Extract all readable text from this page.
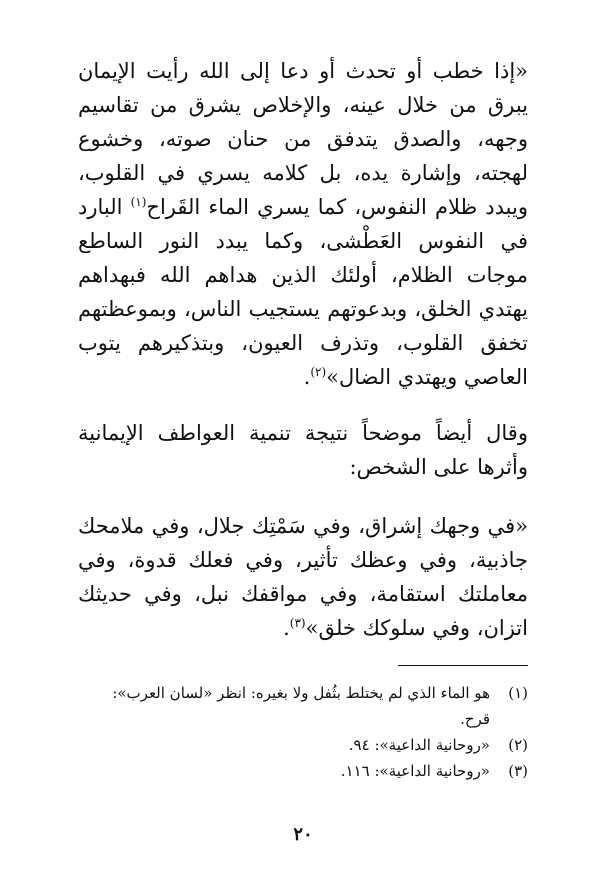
«إذا خطب أو تحدث أو دعا إلى الله رأيت الإيمان يبرق من خلال عينه، والإخلاص يشرق من تقاسيم وجهه، والصدق يتدفق من حنان صوته، وخشوع لهجته، وإشارة يده، بل كلامه يسري في القلوب، ويبدد ظلام النفوس، كما يسري الماء القَراح$^{(١)}$ البارد في النفوس العَطْشى، وكما يبدد النور الساطع موجات الظلام، أولئك الذين هداهم الله فبهداهم يهتدي الخلق، وبدعوتهم يستجيب الناس، وبموعظتهم تخفق القلوب، وتذرف العيون، وبتذكيرهم يتوب العاصي ويهتدي الضال»$^{(٢)}$.

وقال أيضاً موضحاً نتيجة تنمية العواطف الإيمانية وأثرها على الشخص:

«في وجهك إشراق، وفي سَمْتِك جلال، وفي ملامحك جاذبية، وفي وعظك تأثير، وفي فعلك قدوة، وفي معاملتك استقامة، وفي مواقفك نبل، وفي حديثك اتزان، وفي سلوكك خلق»$^{(٣)}$.

(١)
هو الماء الذي لم يختلط بثُفل ولا بغيره: انظر «لسان العرب»: قرح.
(٢)
«روحانية الداعية»: ٩٤.
(٣)
«روحانية الداعية»: ١١٦.
٢٠
